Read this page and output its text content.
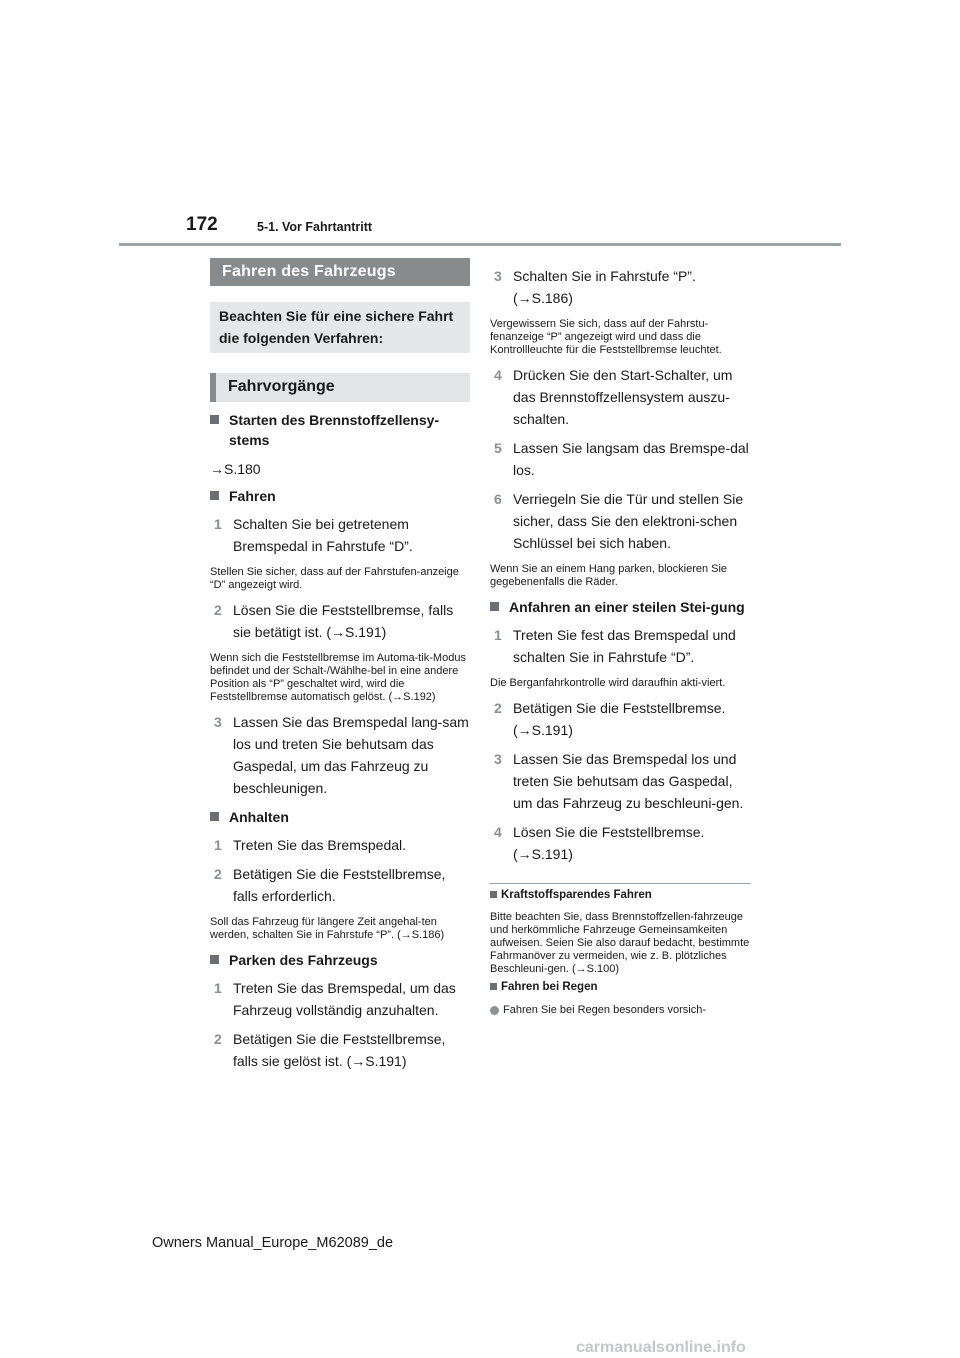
172	5-1. Vor Fahrtantritt
Fahren des Fahrzeugs
Beachten Sie für eine sichere Fahrt die folgenden Verfahren:
Fahrvorgänge
Starten des Brennstoffzellensy-stems
→S.180
Fahren
1 Schalten Sie bei getretenem Bremspedal in Fahrstufe “D”.
Stellen Sie sicher, dass auf der Fahrstufen-anzeige “D” angezeigt wird.
2 Lösen Sie die Feststellbremse, falls sie betätigt ist. (→S.191)
Wenn sich die Feststellbremse im Automa-tik-Modus befindet und der Schalt-/Wählhe-bel in eine andere Position als “P” geschaltet wird, wird die Feststellbremse automatisch gelöst. (→S.192)
3 Lassen Sie das Bremspedal lang-sam los und treten Sie behutsam das Gaspedal, um das Fahrzeug zu beschleunigen.
Anhalten
1 Treten Sie das Bremspedal.
2 Betätigen Sie die Feststellbremse, falls erforderlich.
Soll das Fahrzeug für längere Zeit angehal-ten werden, schalten Sie in Fahrstufe “P”. (→S.186)
Parken des Fahrzeugs
1 Treten Sie das Bremspedal, um das Fahrzeug vollständig anzuhalten.
2 Betätigen Sie die Feststellbremse, falls sie gelöst ist. (→S.191)
3 Schalten Sie in Fahrstufe “P”. (→S.186)
Vergewissern Sie sich, dass auf der Fahrstu-fenanzeige “P” angezeigt wird und dass die Kontrollleuchte für die Feststellbremse leuchtet.
4 Drücken Sie den Start-Schalter, um das Brennstoffzellensystem auszu-schalten.
5 Lassen Sie langsam das Bremspe-dal los.
6 Verriegeln Sie die Tür und stellen Sie sicher, dass Sie den elektroni-schen Schlüssel bei sich haben.
Wenn Sie an einem Hang parken, blockieren Sie gegebenenfalls die Räder.
Anfahren an einer steilen Stei-gung
1 Treten Sie fest das Bremspedal und schalten Sie in Fahrstufe “D”.
Die Berganfahrkontrolle wird daraufhin akti-viert.
2 Betätigen Sie die Feststellbremse. (→S.191)
3 Lassen Sie das Bremspedal los und treten Sie behutsam das Gaspedal, um das Fahrzeug zu beschleuni-gen.
4 Lösen Sie die Feststellbremse. (→S.191)
Kraftstoffsparendes Fahren
Bitte beachten Sie, dass Brennstoffzellen-fahrzeuge und herkömmliche Fahrzeuge Gemeinsamkeiten aufweisen. Seien Sie also darauf bedacht, bestimmte Fahrmanöver zu vermeiden, wie z. B. plötzliches Beschleuni-gen. (→S.100)
Fahren bei Regen
Fahren Sie bei Regen besonders vorsich-
Owners Manual_Europe_M62089_de
carmanualsonline.info
